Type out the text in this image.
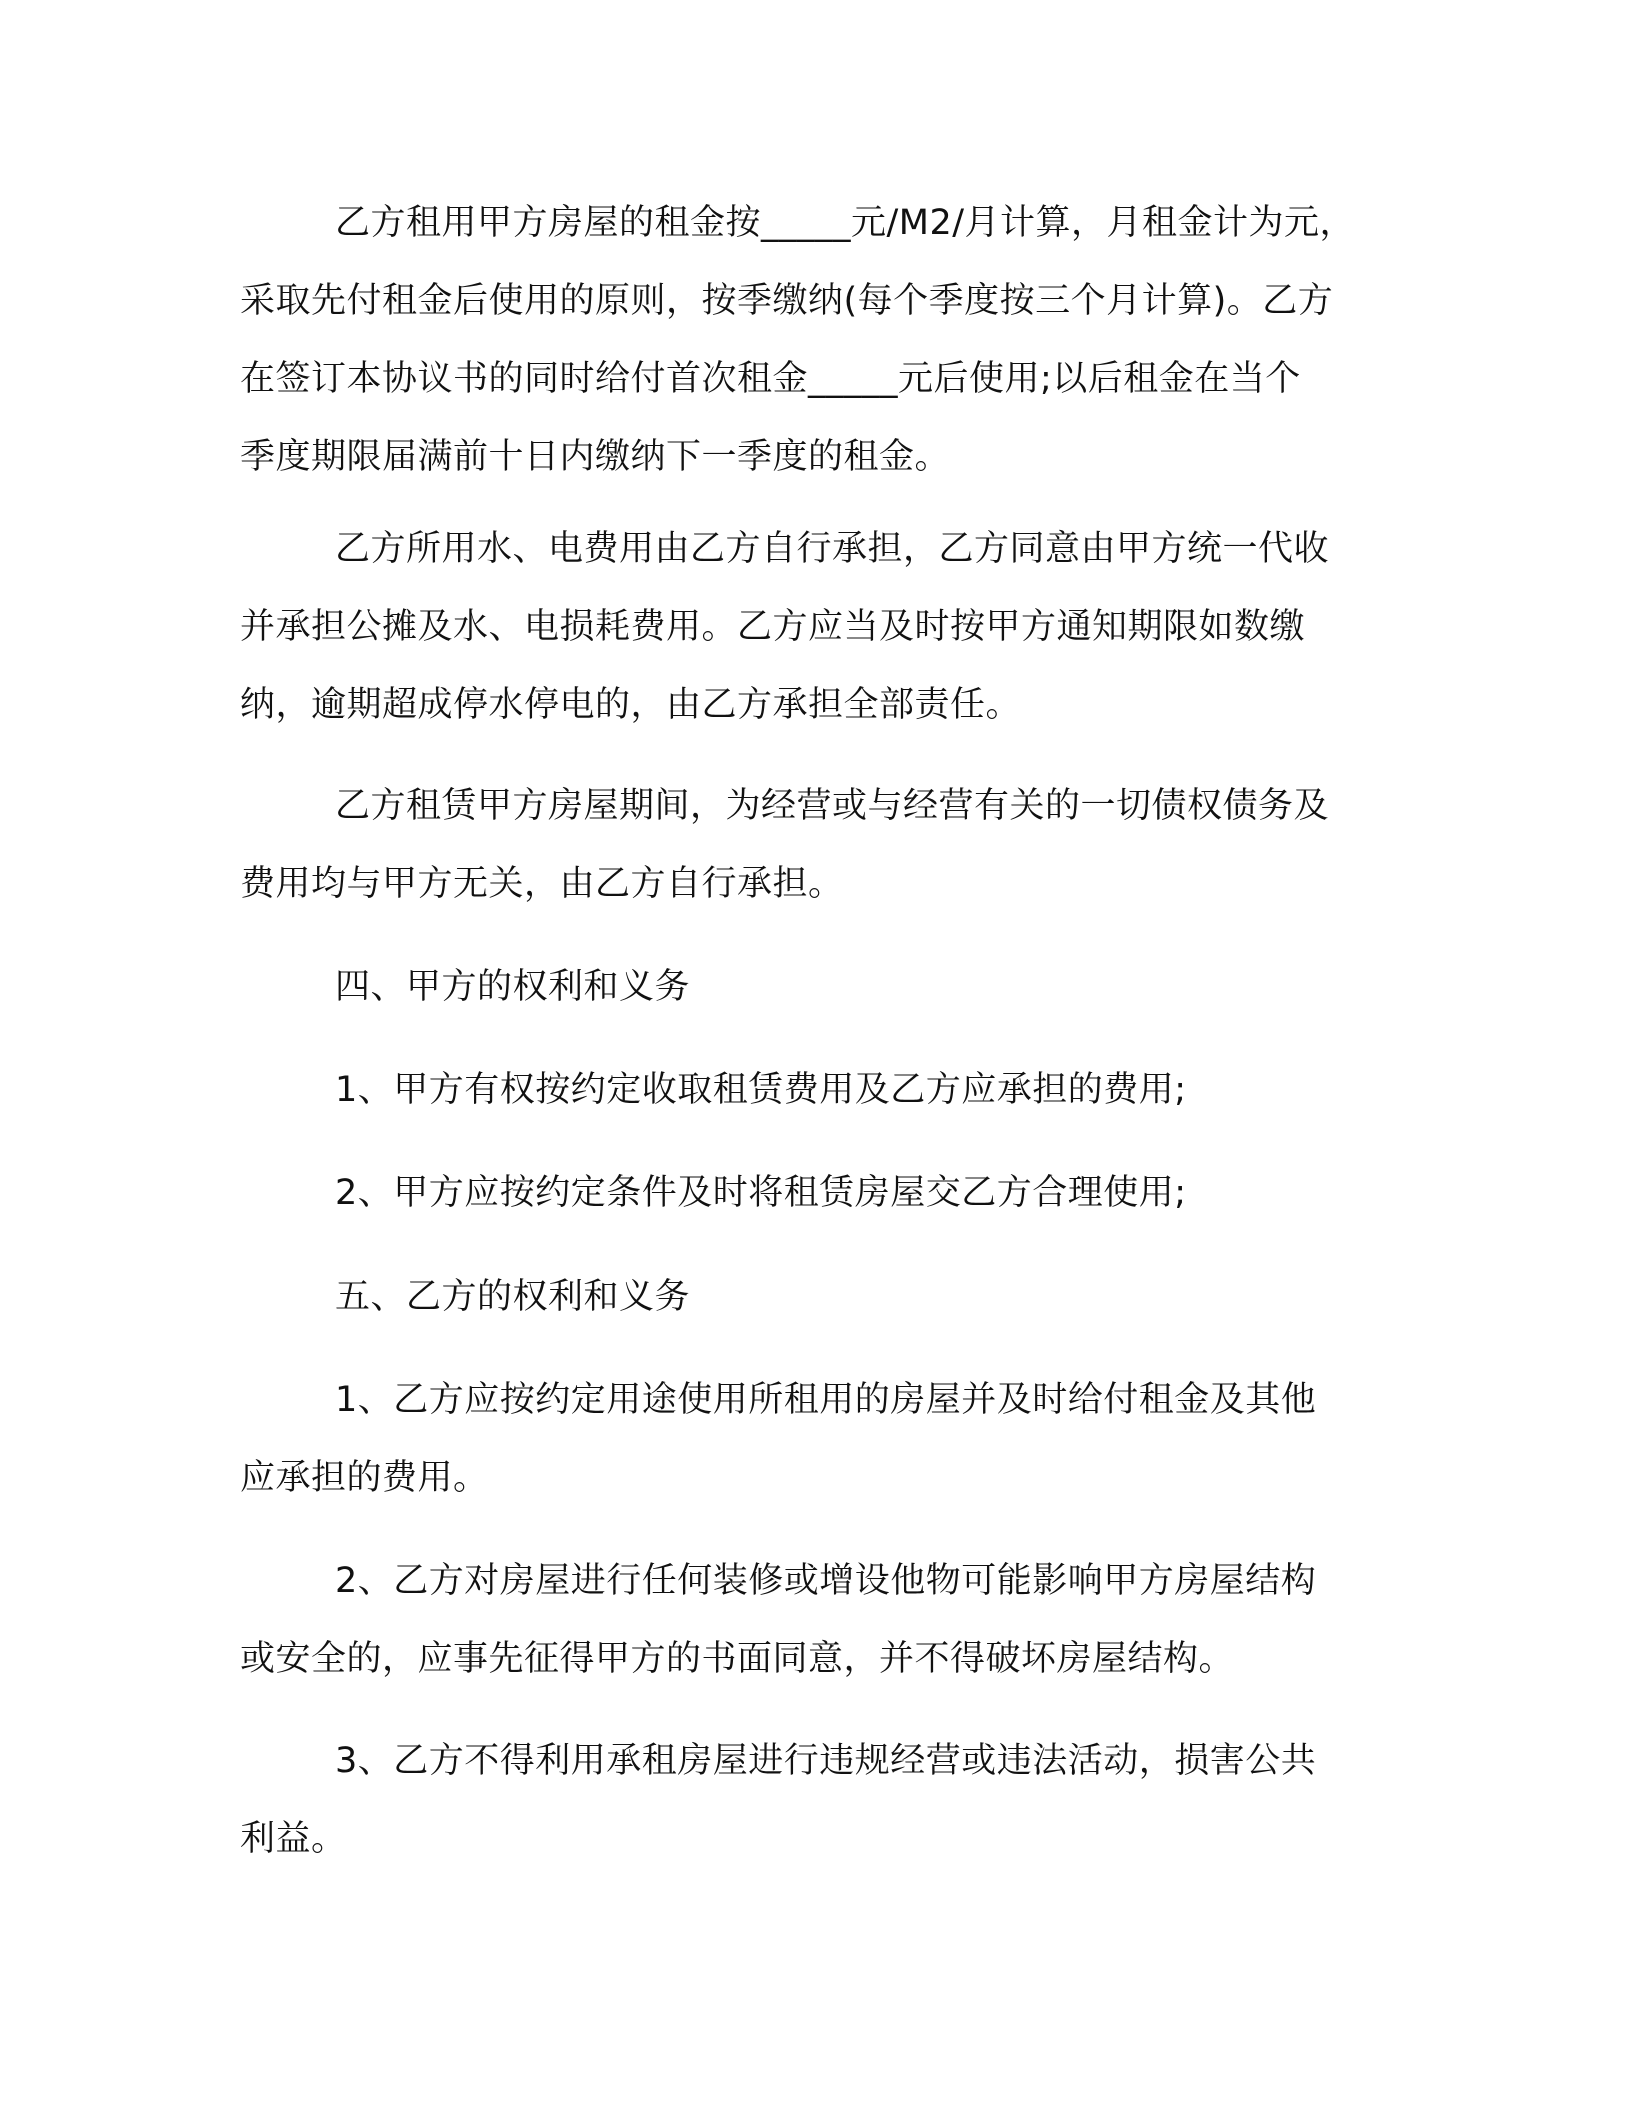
乙方租用甲方房屋的租金按_____元/M2/月计算，月租金计为元，
采取先付租金后使用的原则，按季缴纳(每个季度按三个月计算)。乙方
在签订本协议书的同时给付首次租金_____元后使用;以后租金在当个
季度期限届满前十日内缴纳下一季度的租金。

乙方所用水、电费用由乙方自行承担，乙方同意由甲方统一代收
并承担公摊及水、电损耗费用。乙方应当及时按甲方通知期限如数缴
纳，逾期超成停水停电的，由乙方承担全部责任。

乙方租赁甲方房屋期间，为经营或与经营有关的一切债权债务及
费用均与甲方无关，由乙方自行承担。

四、甲方的权利和义务

1、甲方有权按约定收取租赁费用及乙方应承担的费用;

2、甲方应按约定条件及时将租赁房屋交乙方合理使用;

五、乙方的权利和义务

1、乙方应按约定用途使用所租用的房屋并及时给付租金及其他
应承担的费用。

2、乙方对房屋进行任何装修或增设他物可能影响甲方房屋结构
或安全的，应事先征得甲方的书面同意，并不得破坏房屋结构。

3、乙方不得利用承租房屋进行违规经营或违法活动，损害公共
利益。
